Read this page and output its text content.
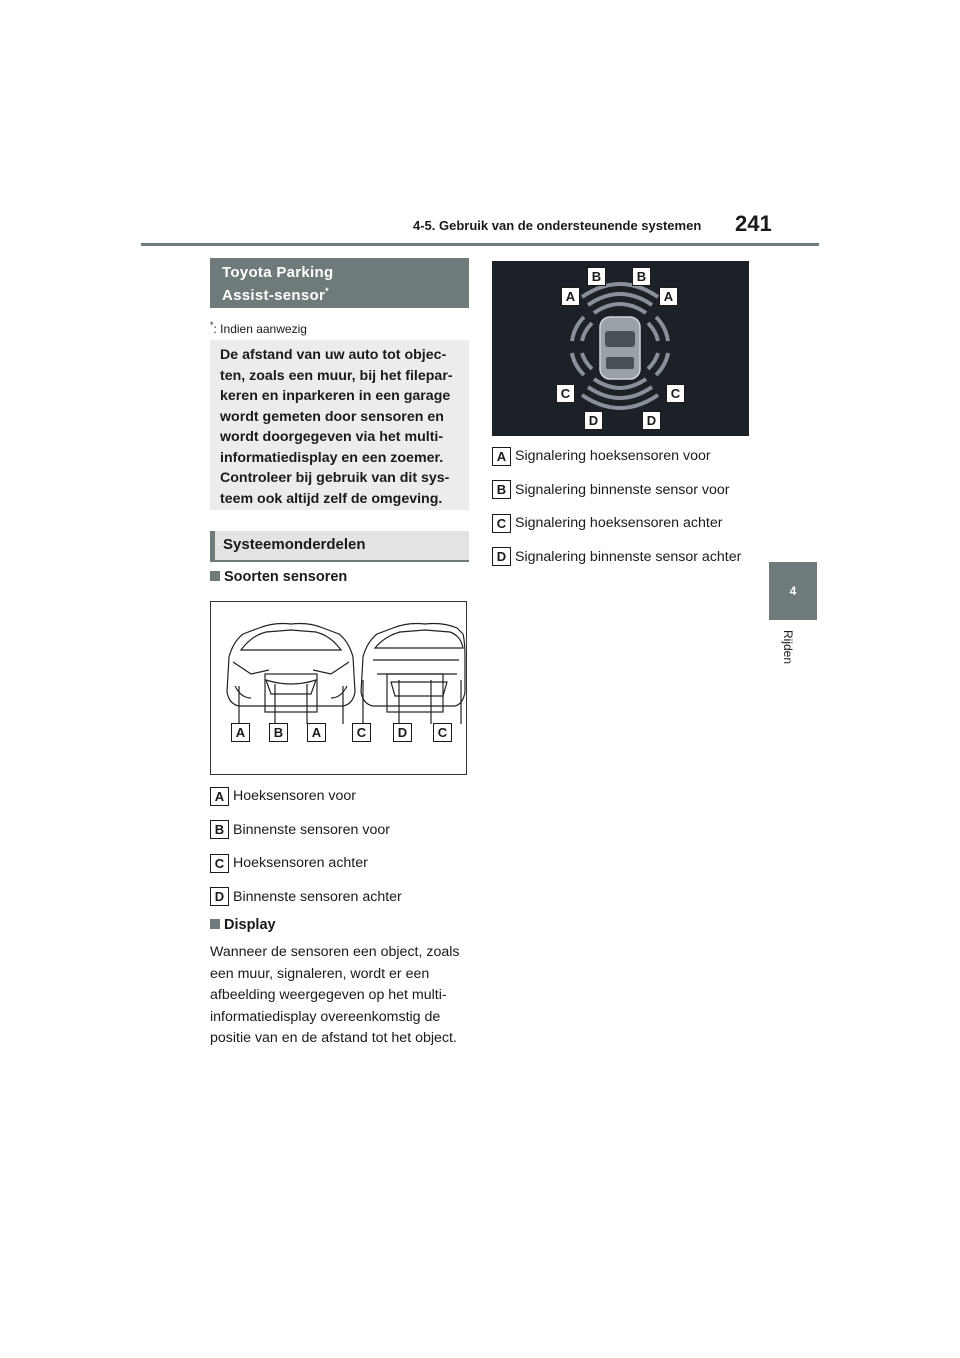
4-5. Gebruik van de ondersteunende systemen 241
4
Rijden
Toyota Parking
Assist-sensor*
*: Indien aanwezig
De afstand van uw auto tot objec-
ten, zoals een muur, bij het filepar-
keren en inparkeren in een garage
wordt gemeten door sensoren en
wordt doorgegeven via het multi-
informatiedisplay en een zoemer.
Controleer bij gebruik van dit sys-
teem ook altijd zelf de omgeving.
Systeemonderdelen
Soorten sensoren
A	B	A	C	D	C
A Hoeksensoren voor
B Binnenste sensoren voor
C Hoeksensoren achter
D Binnenste sensoren achter
Display
Wanneer de sensoren een object, zoals
een muur, signaleren, wordt er een
afbeelding weergegeven op het multi-
informatiedisplay overeenkomstig de
positie van en de afstand tot het object.
B	B
A	A
C	C
D	D
A Signalering hoeksensoren voor
B Signalering binnenste sensor voor
C Signalering hoeksensoren achter
D Signalering binnenste sensor achter
